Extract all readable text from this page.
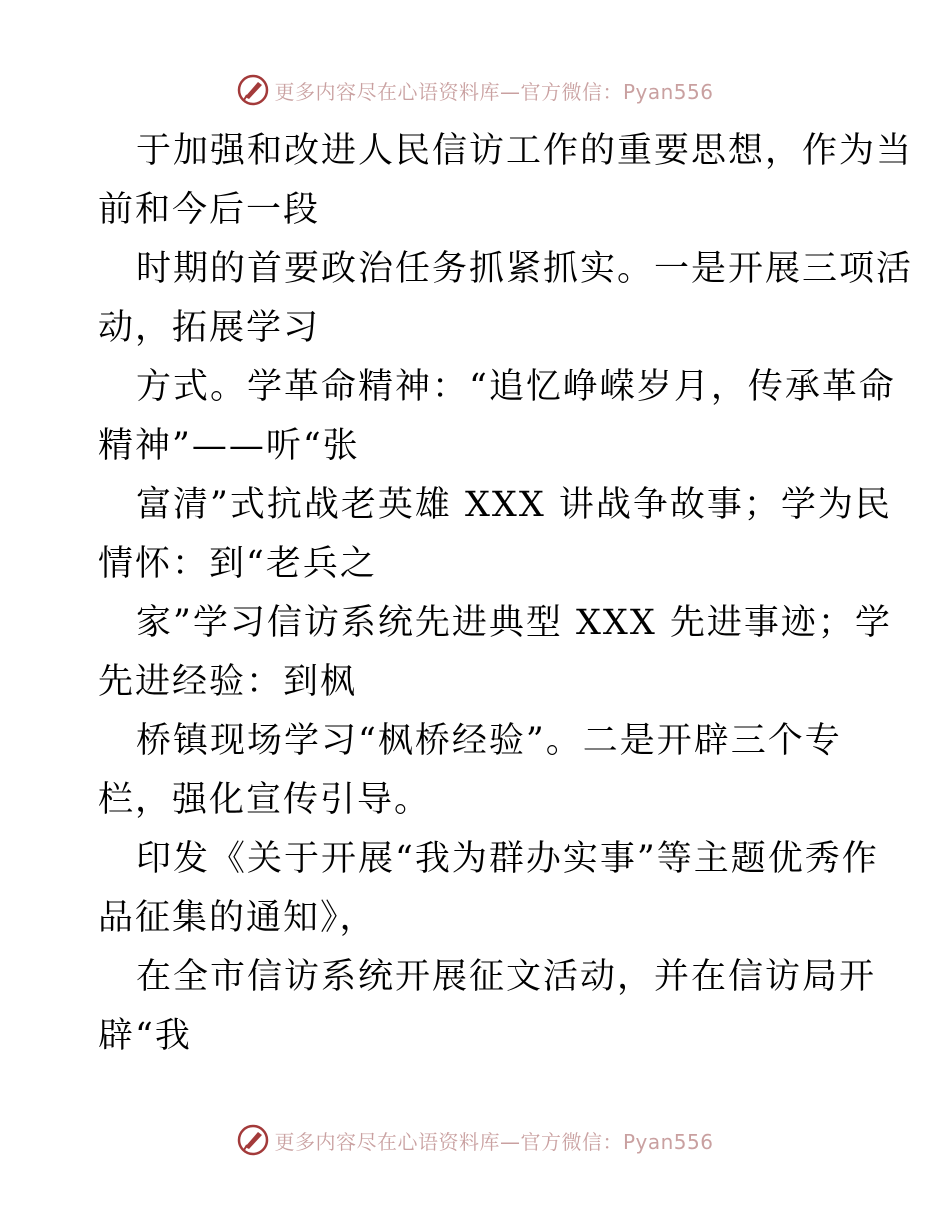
更多内容尽在心语资料库—官方微信：Pyan556
于加强和改进人民信访工作的重要思想，作为当
前和今后一段
时期的首要政治任务抓紧抓实。一是开展三项活
动，拓展学习
方式。学革命精神：“追忆峥嵘岁月，传承革命
精神”——听“张
富清”式抗战老英雄 XXX 讲战争故事；学为民
情怀：到“老兵之
家”学习信访系统先进典型 XXX 先进事迹；学
先进经验：到枫
桥镇现场学习“枫桥经验”。二是开辟三个专
栏，强化宣传引导。
印发《关于开展“我为群办实事”等主题优秀作
品征集的通知》，
在全市信访系统开展征文活动，并在信访局开
辟“我
更多内容尽在心语资料库—官方微信：Pyan556
